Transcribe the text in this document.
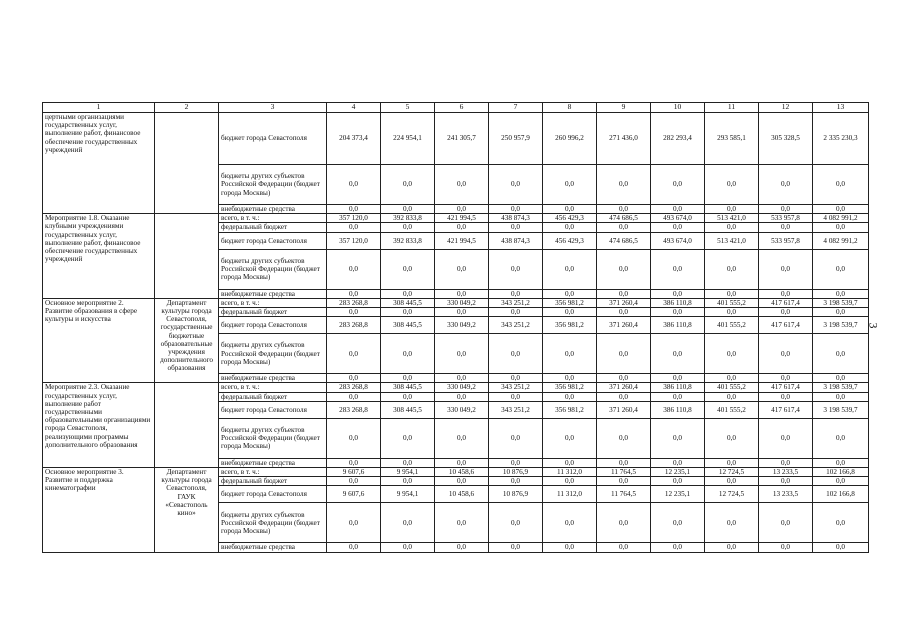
3
1	2	3	4	5	6	7	8	9	10	11	12	13
цертными организациями государственных услуг, выполнение работ, финансовое обеспечение государственных учреждений		бюджет города Севастополя	204 373,4	224 954,1	241 305,7	250 957,9	260 996,2	271 436,0	282 293,4	293 585,1	305 328,5	2 335 230,3
		бюджеты других субъектов Российской Федерации (бюджет города Москвы)	0,0	0,0	0,0	0,0	0,0	0,0	0,0	0,0	0,0	0,0
		внебюджетные средства	0,0	0,0	0,0	0,0	0,0	0,0	0,0	0,0	0,0	0,0
Мероприятие 1.8. Оказание клубными учреждениями государственных услуг, выполнение работ, финансовое обеспечение государственных учреждений		всего, в т. ч.:	357 120,0	392 833,8	421 994,5	438 874,3	456 429,3	474 686,5	493 674,0	513 421,0	533 957,8	4 082 991,2
		федеральный бюджет	0,0	0,0	0,0	0,0	0,0	0,0	0,0	0,0	0,0	0,0
		бюджет города Севастополя	357 120,0	392 833,8	421 994,5	438 874,3	456 429,3	474 686,5	493 674,0	513 421,0	533 957,8	4 082 991,2
		бюджеты других субъектов Российской Федерации (бюджет города Москвы)	0,0	0,0	0,0	0,0	0,0	0,0	0,0	0,0	0,0	0,0
		внебюджетные средства	0,0	0,0	0,0	0,0	0,0	0,0	0,0	0,0	0,0	0,0
Основное мероприятие 2. Развитие образования в сфере культуры и искусства	Департамент культуры города Севастополя, государственные бюджетные образовательные учреждения дополнительного образования	всего, в т. ч.:	283 268,8	308 445,5	330 049,2	343 251,2	356 981,2	371 260,4	386 110,8	401 555,2	417 617,4	3 198 539,7
		федеральный бюджет	0,0	0,0	0,0	0,0	0,0	0,0	0,0	0,0	0,0	0,0
		бюджет города Севастополя	283 268,8	308 445,5	330 049,2	343 251,2	356 981,2	371 260,4	386 110,8	401 555,2	417 617,4	3 198 539,7
		бюджеты других субъектов Российской Федерации (бюджет города Москвы)	0,0	0,0	0,0	0,0	0,0	0,0	0,0	0,0	0,0	0,0
		внебюджетные средства	0,0	0,0	0,0	0,0	0,0	0,0	0,0	0,0	0,0	0,0
Мероприятие 2.3. Оказание государственных услуг, выполнение работ государственными образовательными организациями города Севастополя, реализующими программы дополнительного образования		всего, в т. ч.:	283 268,8	308 445,5	330 049,2	343 251,2	356 981,2	371 260,4	386 110,8	401 555,2	417 617,4	3 198 539,7
		федеральный бюджет	0,0	0,0	0,0	0,0	0,0	0,0	0,0	0,0	0,0	0,0
		бюджет города Севастополя	283 268,8	308 445,5	330 049,2	343 251,2	356 981,2	371 260,4	386 110,8	401 555,2	417 617,4	3 198 539,7
		бюджеты других субъектов Российской Федерации (бюджет города Москвы)	0,0	0,0	0,0	0,0	0,0	0,0	0,0	0,0	0,0	0,0
		внебюджетные средства	0,0	0,0	0,0	0,0	0,0	0,0	0,0	0,0	0,0	0,0
Основное мероприятие 3. Развитие и поддержка кинематографии	Департамент культуры города Севастополя, ГАУК «Севастополь кино»	всего, в т. ч.:	9 607,6	9 954,1	10 458,6	10 876,9	11 312,0	11 764,5	12 235,1	12 724,5	13 233,5	102 166,8
		федеральный бюджет	0,0	0,0	0,0	0,0	0,0	0,0	0,0	0,0	0,0	0,0
		бюджет города Севастополя	9 607,6	9 954,1	10 458,6	10 876,9	11 312,0	11 764,5	12 235,1	12 724,5	13 233,5	102 166,8
		бюджеты других субъектов Российской Федерации (бюджет города Москвы)	0,0	0,0	0,0	0,0	0,0	0,0	0,0	0,0	0,0	0,0
		внебюджетные средства	0,0	0,0	0,0	0,0	0,0	0,0	0,0	0,0	0,0	0,0
